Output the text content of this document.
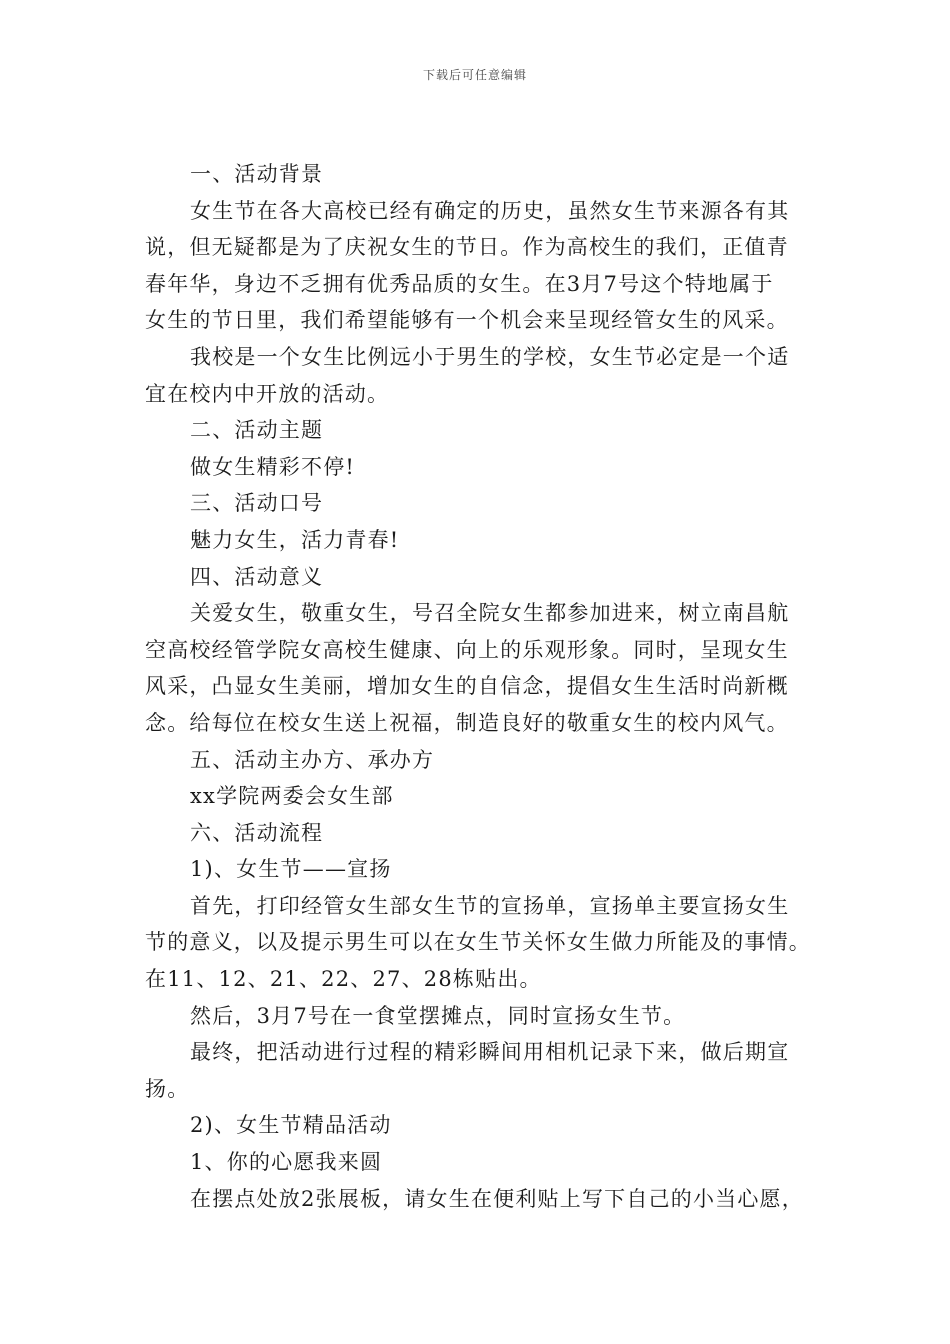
下载后可任意编辑
一、活动背景
女生节在各大高校已经有确定的历史，虽然女生节来源各有其
说，但无疑都是为了庆祝女生的节日。作为高校生的我们，正值青
春年华，身边不乏拥有优秀品质的女生。在3月7号这个特地属于
女生的节日里，我们希望能够有一个机会来呈现经管女生的风采。
我校是一个女生比例远小于男生的学校，女生节必定是一个适
宜在校内中开放的活动。
二、活动主题
做女生精彩不停!
三、活动口号
魅力女生，活力青春!
四、活动意义
关爱女生，敬重女生，号召全院女生都参加进来，树立南昌航
空高校经管学院女高校生健康、向上的乐观形象。同时，呈现女生
风采，凸显女生美丽，增加女生的自信念，提倡女生生活时尚新概
念。给每位在校女生送上祝福，制造良好的敬重女生的校内风气。
五、活动主办方、承办方
xx学院两委会女生部
六、活动流程
1)、女生节——宣扬
首先，打印经管女生部女生节的宣扬单，宣扬单主要宣扬女生
节的意义，以及提示男生可以在女生节关怀女生做力所能及的事情。
在11、12、21、22、27、28栋贴出。
然后，3月7号在一食堂摆摊点，同时宣扬女生节。
最终，把活动进行过程的精彩瞬间用相机记录下来，做后期宣
扬。
2)、女生节精品活动
1、你的心愿我来圆
在摆点处放2张展板，请女生在便利贴上写下自己的小当心愿，
